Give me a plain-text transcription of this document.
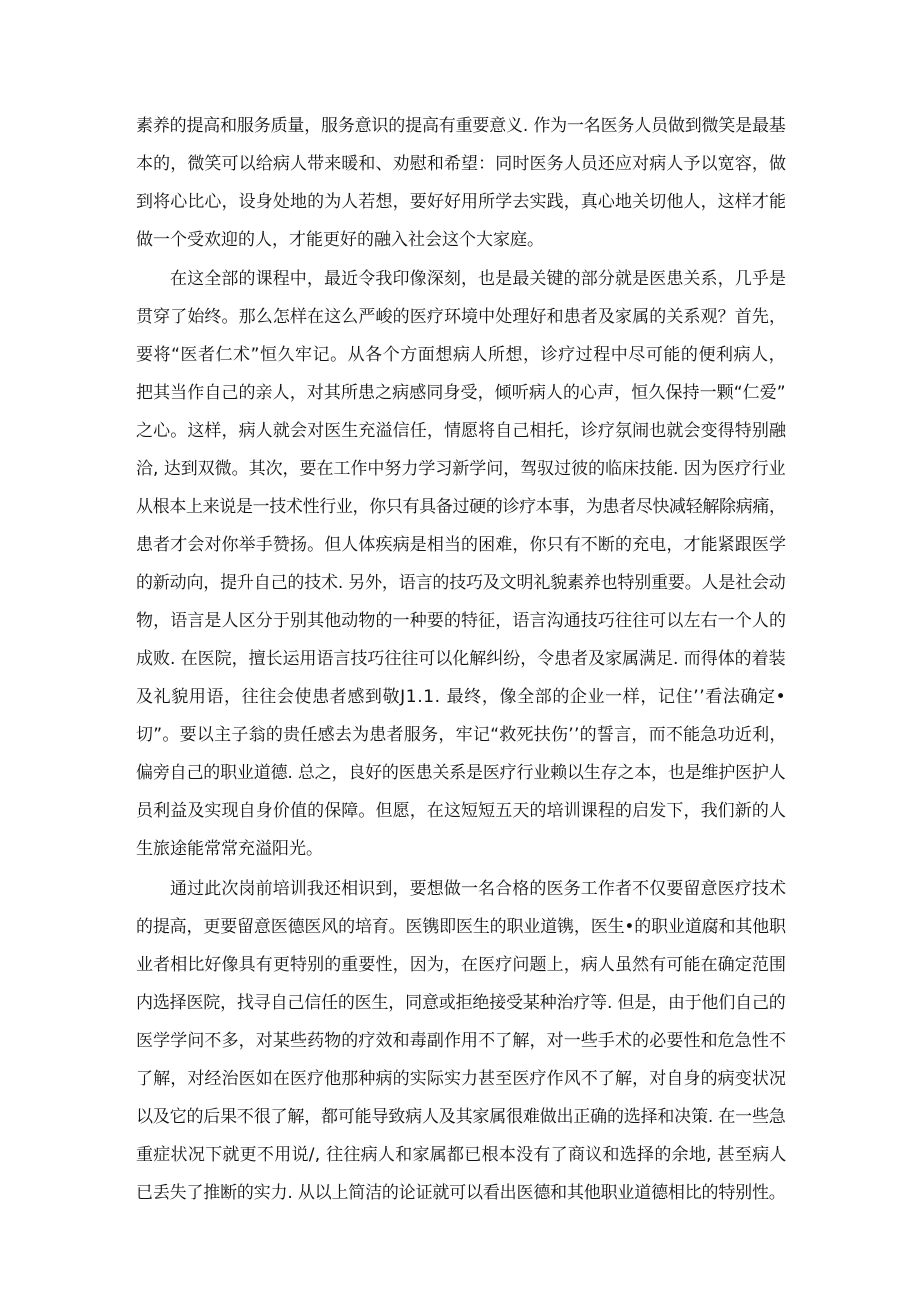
素养的提高和服务质量，服务意识的提高有重要意义. 作为一名医务人员做到微笑是最基
本的，微笑可以给病人带来暖和、劝慰和希望：同时医务人员还应对病人予以宽容，做
到将心比心，设身处地的为人若想，要好好用所学去实践，真心地关切他人，这样才能
做一个受欢迎的人，才能更好的融入社会这个大家庭。
在这全部的课程中，最近令我印像深刻，也是最关键的部分就是医患关系，几乎是
贯穿了始终。那么怎样在这么严峻的医疗环境中处理好和患者及家属的关系观？首先，
要将“医者仁术”恒久牢记。从各个方面想病人所想，诊疗过程中尽可能的便利病人，
把其当作自己的亲人，对其所患之病感同身受，倾听病人的心声，恒久保持一颗“仁爱”
之心。这样，病人就会对医生充溢信任，情愿将自己相托，诊疗氛闹也就会变得特别融
洽, 达到双微。其次，要在工作中努力学习新学问，驾驭过彼的临床技能. 因为医疗行业
从根本上来说是一技术性行业，你只有具备过硬的诊疗本事，为患者尽快减轻解除病痛，
患者才会对你举手赞扬。但人体疾病是相当的困难，你只有不断的充电，才能紧跟医学
的新动向，提升自己的技术. 另外，语言的技巧及文明礼貌素养也特别重要。人是社会动
物，语言是人区分于别其他动物的一种要的特征，语言沟通技巧往往可以左右一个人的
成败. 在医院，擅长运用语言技巧往往可以化解纠纷，令患者及家属满足. 而得体的着装
及礼貌用语，往往会使患者感到敬J1.1. 最终，像全部的企业一样，记住’’看法确定•
切”。要以主子翁的贵任感去为患者服务，牢记“救死扶伤’’的誓言，而不能急功近利，
偏旁自己的职业道德. 总之，良好的医患关系是医疗行业赖以生存之本，也是维护医护人
员利益及实现自身价值的保障。但愿，在这短短五天的培训课程的启发下，我们新的人
生旅途能常常充溢阳光。
通过此次岗前培训我还相识到，要想做一名合格的医务工作者不仅要留意医疗技术
的提高，更要留意医德医风的培育。医镌即医生的职业道镌，医生•的职业道腐和其他职
业者相比好像具有更特别的重要性，因为，在医疗问题上，病人虽然有可能在确定范围
内选择医院，找寻自己信任的医生，同意或拒绝接受某种治疗等. 但是，由于他们自己的
医学学问不多，对某些药物的疗效和毒副作用不了解，对一些手术的必要性和危急性不
了解，对经治医如在医疗他那种病的实际实力甚至医疗作风不了解，对自身的病变状况
以及它的后果不很了解，都可能导致病人及其家属很难做出正确的选择和决策. 在一些急
重症状况下就更不用说/, 往往病人和家属都已根本没有了商议和选择的余地, 甚至病人
已丢失了推断的实力. 从以上简洁的论证就可以看出医德和其他职业道德相比的特别性。
